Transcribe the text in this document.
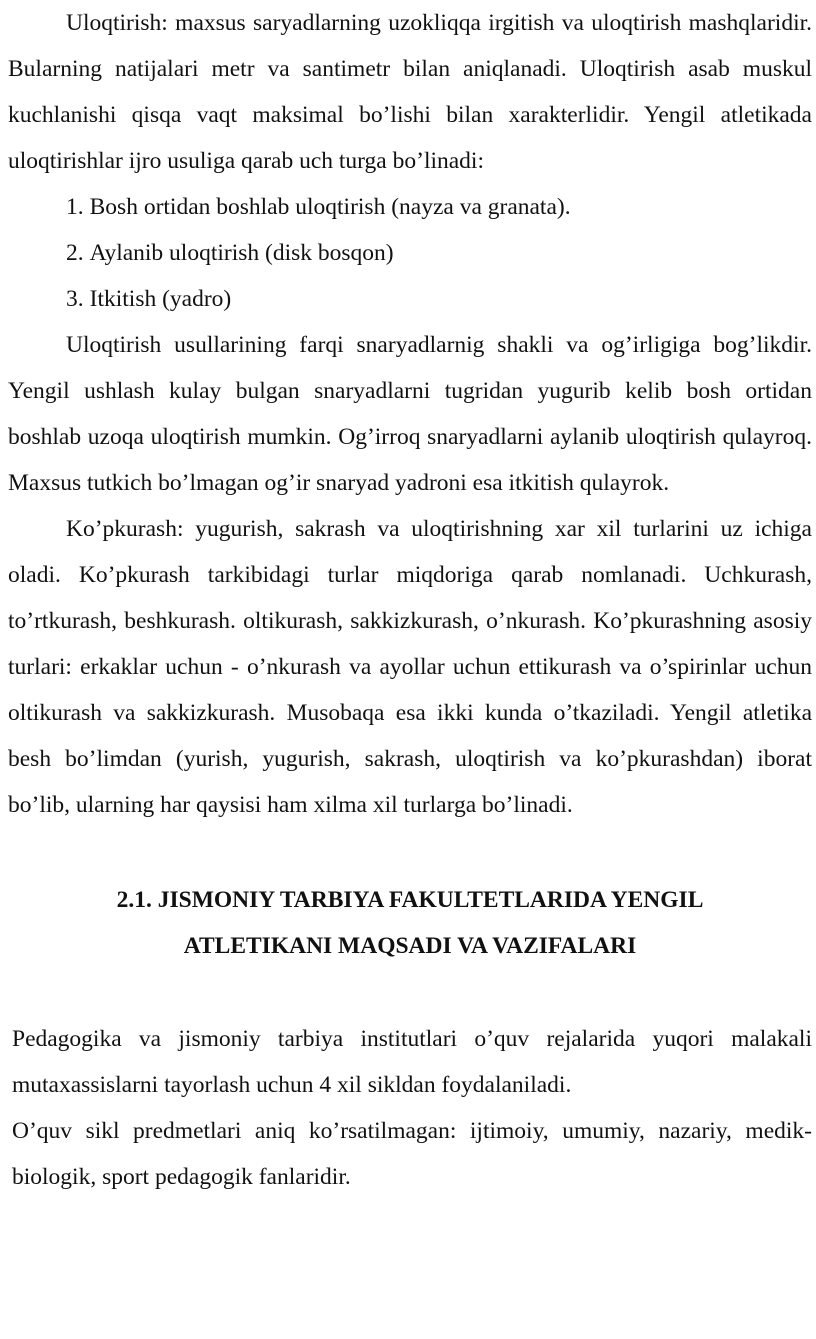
Uloqtirish: maxsus saryadlarning uzokliqqa irgitish va uloqtirish mashqlaridir. Bularning natijalari metr va santimetr bilan aniqlanadi. Uloqtirish asab muskul kuchlanishi qisqa vaqt maksimal bo’lishi bilan xarakterlidir. Yengil atletikada uloqtirishlar ijro usuliga qarab uch turga bo’linadi:

1. Bosh ortidan boshlab uloqtirish (nayza va granata).
2. Aylanib uloqtirish (disk bosqon)
3. Itkitish (yadro)

Uloqtirish usullarining farqi snaryadlarnig shakli va og’irligiga bog’likdir. Yengil ushlash kulay bulgan snaryadlarni tugridan yugurib kelib bosh ortidan boshlab uzoqa uloqtirish mumkin. Og’irroq snaryadlarni aylanib uloqtirish qulayroq. Maxsus tutkich bo’lmagan og’ir snaryad yadroni esa itkitish qulayrok.

Ko’pkurash: yugurish, sakrash va uloqtirishning xar xil turlarini uz ichiga oladi. Ko’pkurash tarkibidagi turlar miqdoriga qarab nomlanadi. Uchkurash, to’rtkurash, beshkurash. oltikurash, sakkizkurash, o’nkurash. Ko’pkurashning asosiy turlari: erkaklar uchun - o’nkurash va ayollar uchun ettikurash va o’spirinlar uchun oltikurash va sakkizkurash. Musobaqa esa ikki kunda o’tkaziladi. Yengil atletika besh bo’limdan (yurish, yugurish, sakrash, uloqtirish va ko’pkurashdan) iborat bo’lib, ularning har qaysisi ham xilma xil turlarga bo’linadi.

2.1. JISMONIY TARBIYA FAKULTETLARIDA YENGIL
ATLETIKANI MAQSADI VA VAZIFALARI

Pedagogika va jismoniy tarbiya institutlari o’quv rejalarida yuqori malakali mutaxassislarni tayorlash uchun 4 xil sikldan foydalaniladi.

O’quv sikl predmetlari aniq ko’rsatilmagan: ijtimoiy, umumiy, nazariy, medik-biologik, sport pedagogik fanlaridir.
